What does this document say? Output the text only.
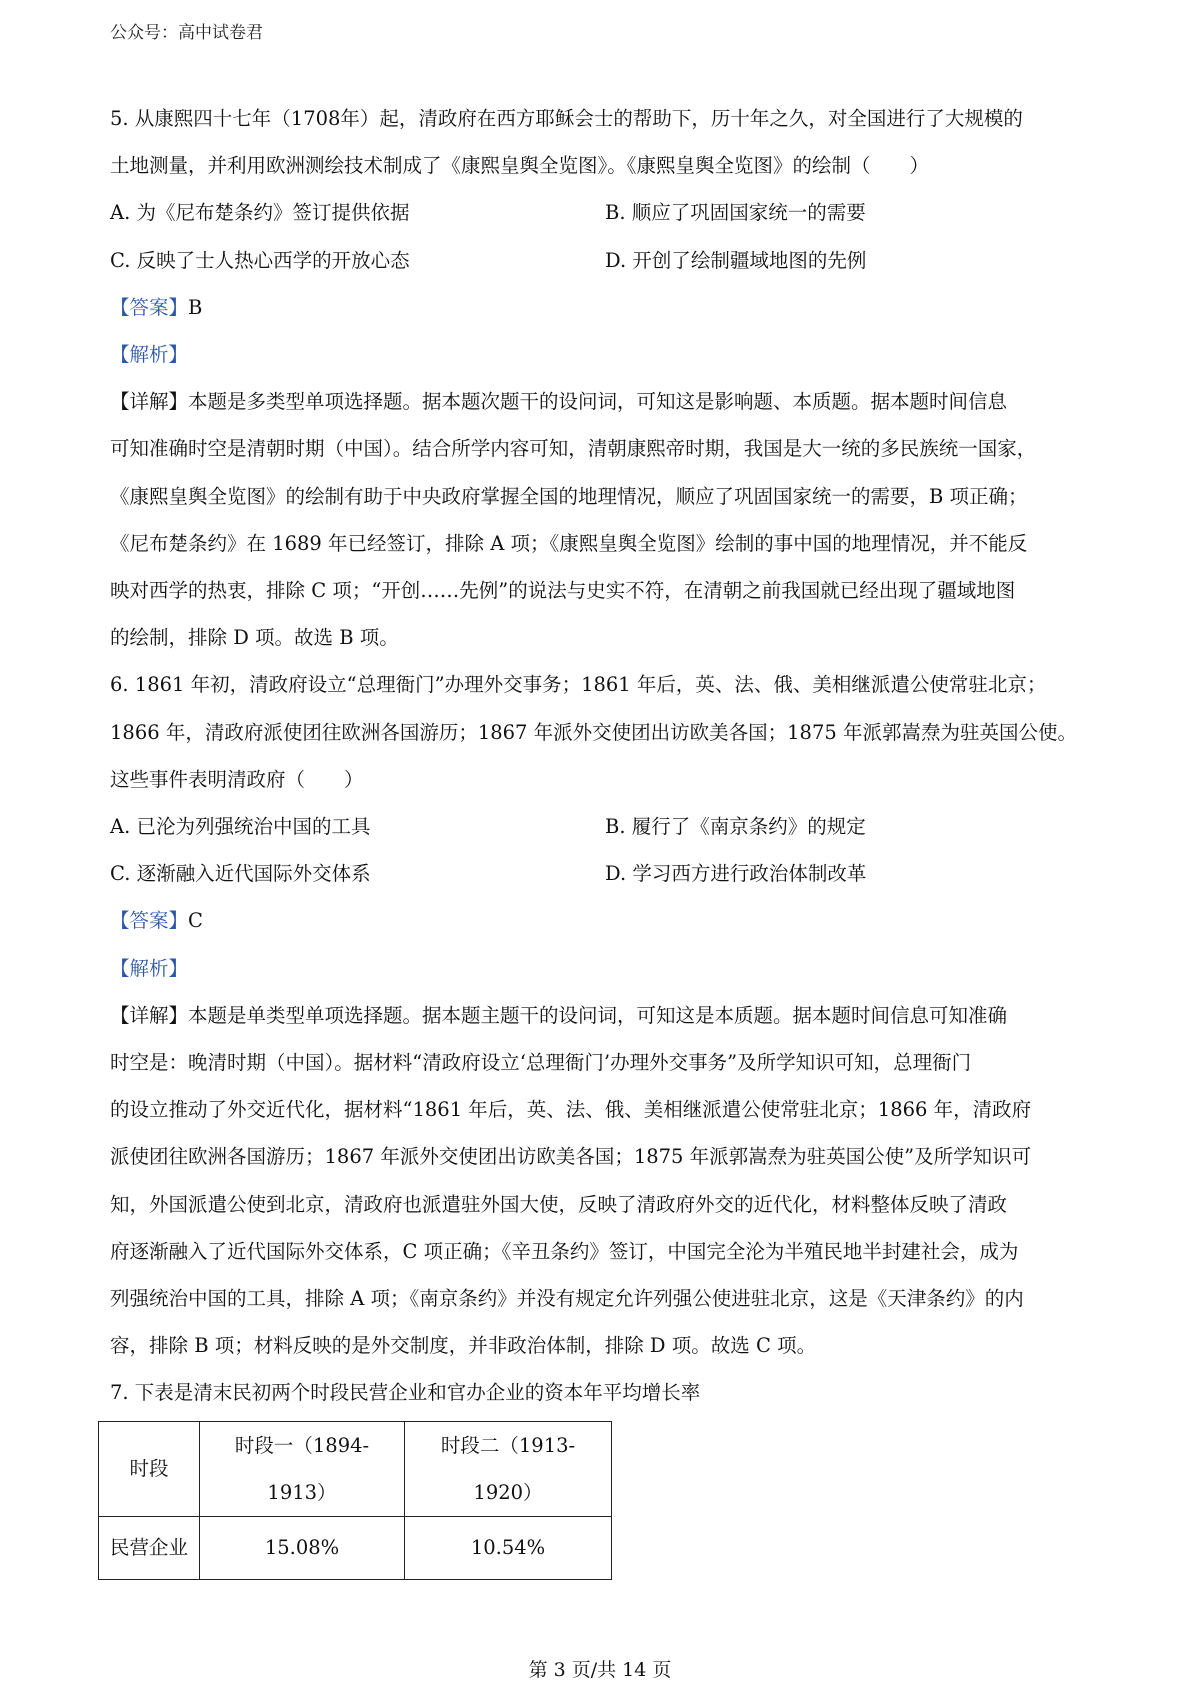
公众号：高中试卷君

5. 从康熙四十七年（1708年）起，清政府在西方耶稣会士的帮助下，历十年之久，对全国进行了大规模的

土地测量，并利用欧洲测绘技术制成了《康熙皇舆全览图》。《康熙皇舆全览图》的绘制（　　）

A. 为《尼布楚条约》签订提供依据	B. 顺应了巩固国家统一的需要
C. 反映了士人热心西学的开放心态	D. 开创了绘制疆域地图的先例

【答案】B

【解析】

【详解】本题是多类型单项选择题。据本题次题干的设问词，可知这是影响题、本质题。据本题时间信息

可知准确时空是清朝时期（中国）。结合所学内容可知，清朝康熙帝时期，我国是大一统的多民族统一国家，

《康熙皇舆全览图》的绘制有助于中央政府掌握全国的地理情况，顺应了巩固国家统一的需要，B 项正确；

《尼布楚条约》在 1689 年已经签订，排除 A 项；《康熙皇舆全览图》绘制的事中国的地理情况，并不能反

映对西学的热衷，排除 C 项；“开创……先例”的说法与史实不符，在清朝之前我国就已经出现了疆域地图

的绘制，排除 D 项。故选 B 项。

6. 1861 年初，清政府设立“总理衙门”办理外交事务；1861 年后，英、法、俄、美相继派遣公使常驻北京；

1866 年，清政府派使团往欧洲各国游历；1867 年派外交使团出访欧美各国；1875 年派郭嵩焘为驻英国公使。

这些事件表明清政府（　　）

A. 已沦为列强统治中国的工具	B. 履行了《南京条约》的规定
C. 逐渐融入近代国际外交体系	D. 学习西方进行政治体制改革

【答案】C

【解析】

【详解】本题是单类型单项选择题。据本题主题干的设问词，可知这是本质题。据本题时间信息可知准确

时空是：晚清时期（中国）。据材料“清政府设立‘总理衙门’办理外交事务”及所学知识可知，总理衙门

的设立推动了外交近代化，据材料“1861 年后，英、法、俄、美相继派遣公使常驻北京；1866 年，清政府

派使团往欧洲各国游历；1867 年派外交使团出访欧美各国；1875 年派郭嵩焘为驻英国公使”及所学知识可

知，外国派遣公使到北京，清政府也派遣驻外国大使，反映了清政府外交的近代化，材料整体反映了清政

府逐渐融入了近代国际外交体系，C 项正确；《辛丑条约》签订，中国完全沦为半殖民地半封建社会，成为

列强统治中国的工具，排除 A 项；《南京条约》并没有规定允许列强公使进驻北京，这是《天津条约》的内

容，排除 B 项；材料反映的是外交制度，并非政治体制，排除 D 项。故选 C 项。

7. 下表是清末民初两个时段民营企业和官办企业的资本年平均增长率

时段	时段一（1894-1913）	时段二（1913-1920）
民营企业	15.08%	10.54%
第 3 页/共 14 页
